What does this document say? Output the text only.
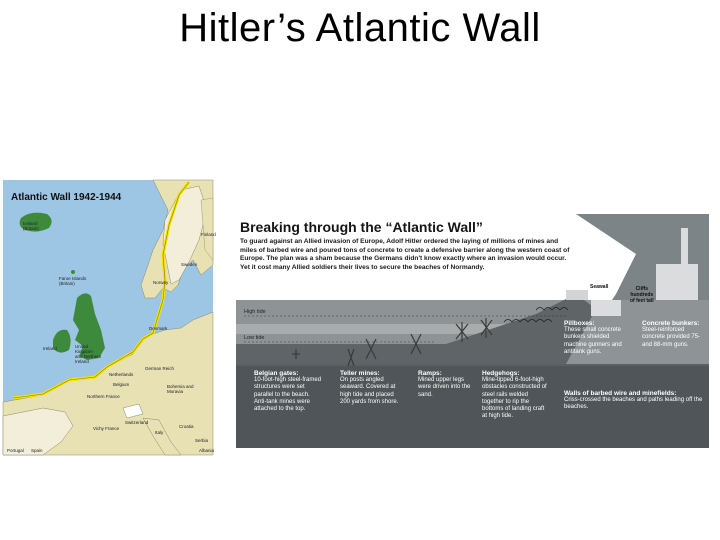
Hitler’s Atlantic Wall
Atlantic Wall 1942-1944
Iceland
(Britain)
Faroe Islands
(Britain)
Ireland	United
Kingdom
and Northern
Ireland
Sweden
Norway
Finland
Denmark
Netherlands
Belgium
German Reich
Bohemia and
Moravia
Northern France
Vichy France
Switzerland
Italy
Croatia
Serbia
Spain
Portugal	Albania
Breaking through the “Atlantic Wall”
To guard against an Allied invasion of Europe, Adolf Hitler ordered the laying of millions of mines and miles of barbed wire and poured tons of concrete to create a defensive barrier along the western coast of Europe. The plan was a sham because the Germans didn't know exactly where an invasion would occur. Yet it cost many Allied soldiers their lives to secure the beaches of Normandy.
High tide
Low tide
Seawall	Cliffs
hundreds
of feet tall
Belgian gates:
10-foot-high steel-framed structures were set parallel to the beach. Anti-tank mines were attached to the top.
Teller mines:
On posts angled seaward. Covered at high tide and placed 200 yards from shore.
Ramps:
Mined upper legs were driven into the sand.
Hedgehogs:
Mine-tipped 6-foot-high obstacles constructed of steel rails welded together to rip the bottoms of landing craft at high tide.
Pillboxes:
These small concrete bunkers shielded machine gunners and antitank guns.
Concrete bunkers:
Steel-reinforced concrete provided 75- and 88-mm guns.
Walls of barbed wire and minefields:
Criss-crossed the beaches and paths leading off the beaches.
